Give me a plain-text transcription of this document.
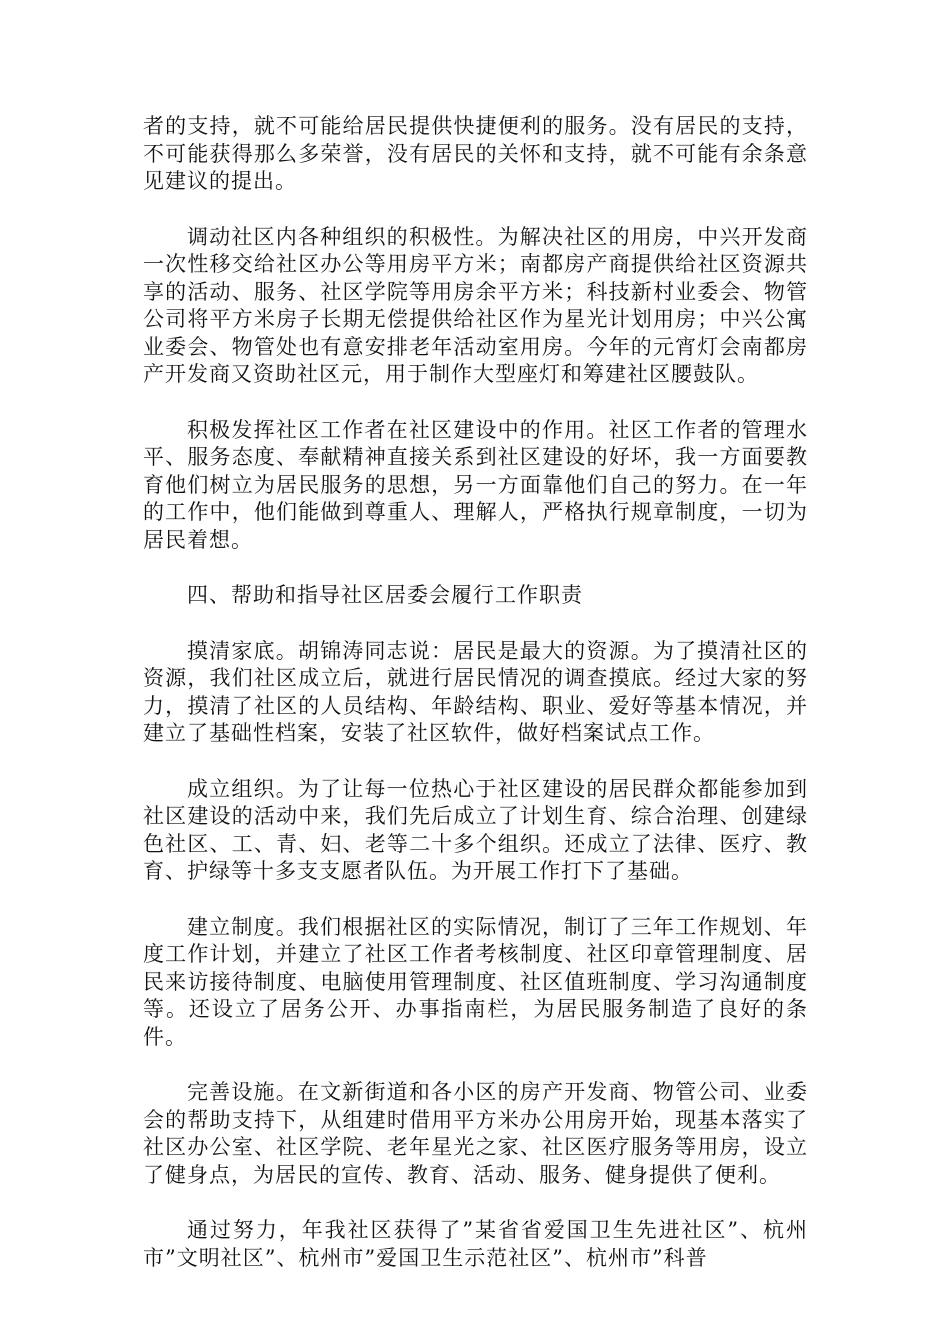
者的支持，就不可能给居民提供快捷便利的服务。没有居民的支持，不可能获得那么多荣誉，没有居民的关怀和支持，就不可能有余条意见建议的提出。

调动社区内各种组织的积极性。为解决社区的用房，中兴开发商一次性移交给社区办公等用房平方米；南都房产商提供给社区资源共享的活动、服务、社区学院等用房余平方米；科技新村业委会、物管公司将平方米房子长期无偿提供给社区作为星光计划用房；中兴公寓业委会、物管处也有意安排老年活动室用房。今年的元宵灯会南都房产开发商又资助社区元，用于制作大型座灯和筹建社区腰鼓队。

积极发挥社区工作者在社区建设中的作用。社区工作者的管理水平、服务态度、奉献精神直接关系到社区建设的好坏，我一方面要教育他们树立为居民服务的思想，另一方面靠他们自己的努力。在一年的工作中，他们能做到尊重人、理解人，严格执行规章制度，一切为居民着想。

四、帮助和指导社区居委会履行工作职责

摸清家底。胡锦涛同志说：居民是最大的资源。为了摸清社区的资源，我们社区成立后，就进行居民情况的调查摸底。经过大家的努力，摸清了社区的人员结构、年龄结构、职业、爱好等基本情况，并建立了基础性档案，安装了社区软件，做好档案试点工作。

成立组织。为了让每一位热心于社区建设的居民群众都能参加到社区建设的活动中来，我们先后成立了计划生育、综合治理、创建绿色社区、工、青、妇、老等二十多个组织。还成立了法律、医疗、教育、护绿等十多支支愿者队伍。为开展工作打下了基础。

建立制度。我们根据社区的实际情况，制订了三年工作规划、年度工作计划，并建立了社区工作者考核制度、社区印章管理制度、居民来访接待制度、电脑使用管理制度、社区值班制度、学习沟通制度等。还设立了居务公开、办事指南栏，为居民服务制造了良好的条件。

完善设施。在文新街道和各小区的房产开发商、物管公司、业委会的帮助支持下，从组建时借用平方米办公用房开始，现基本落实了社区办公室、社区学院、老年星光之家、社区医疗服务等用房，设立了健身点，为居民的宣传、教育、活动、服务、健身提供了便利。

通过努力，年我社区获得了”某省省爱国卫生先进社区”、杭州市”文明社区”、杭州市”爱国卫生示范社区”、杭州市”科普
